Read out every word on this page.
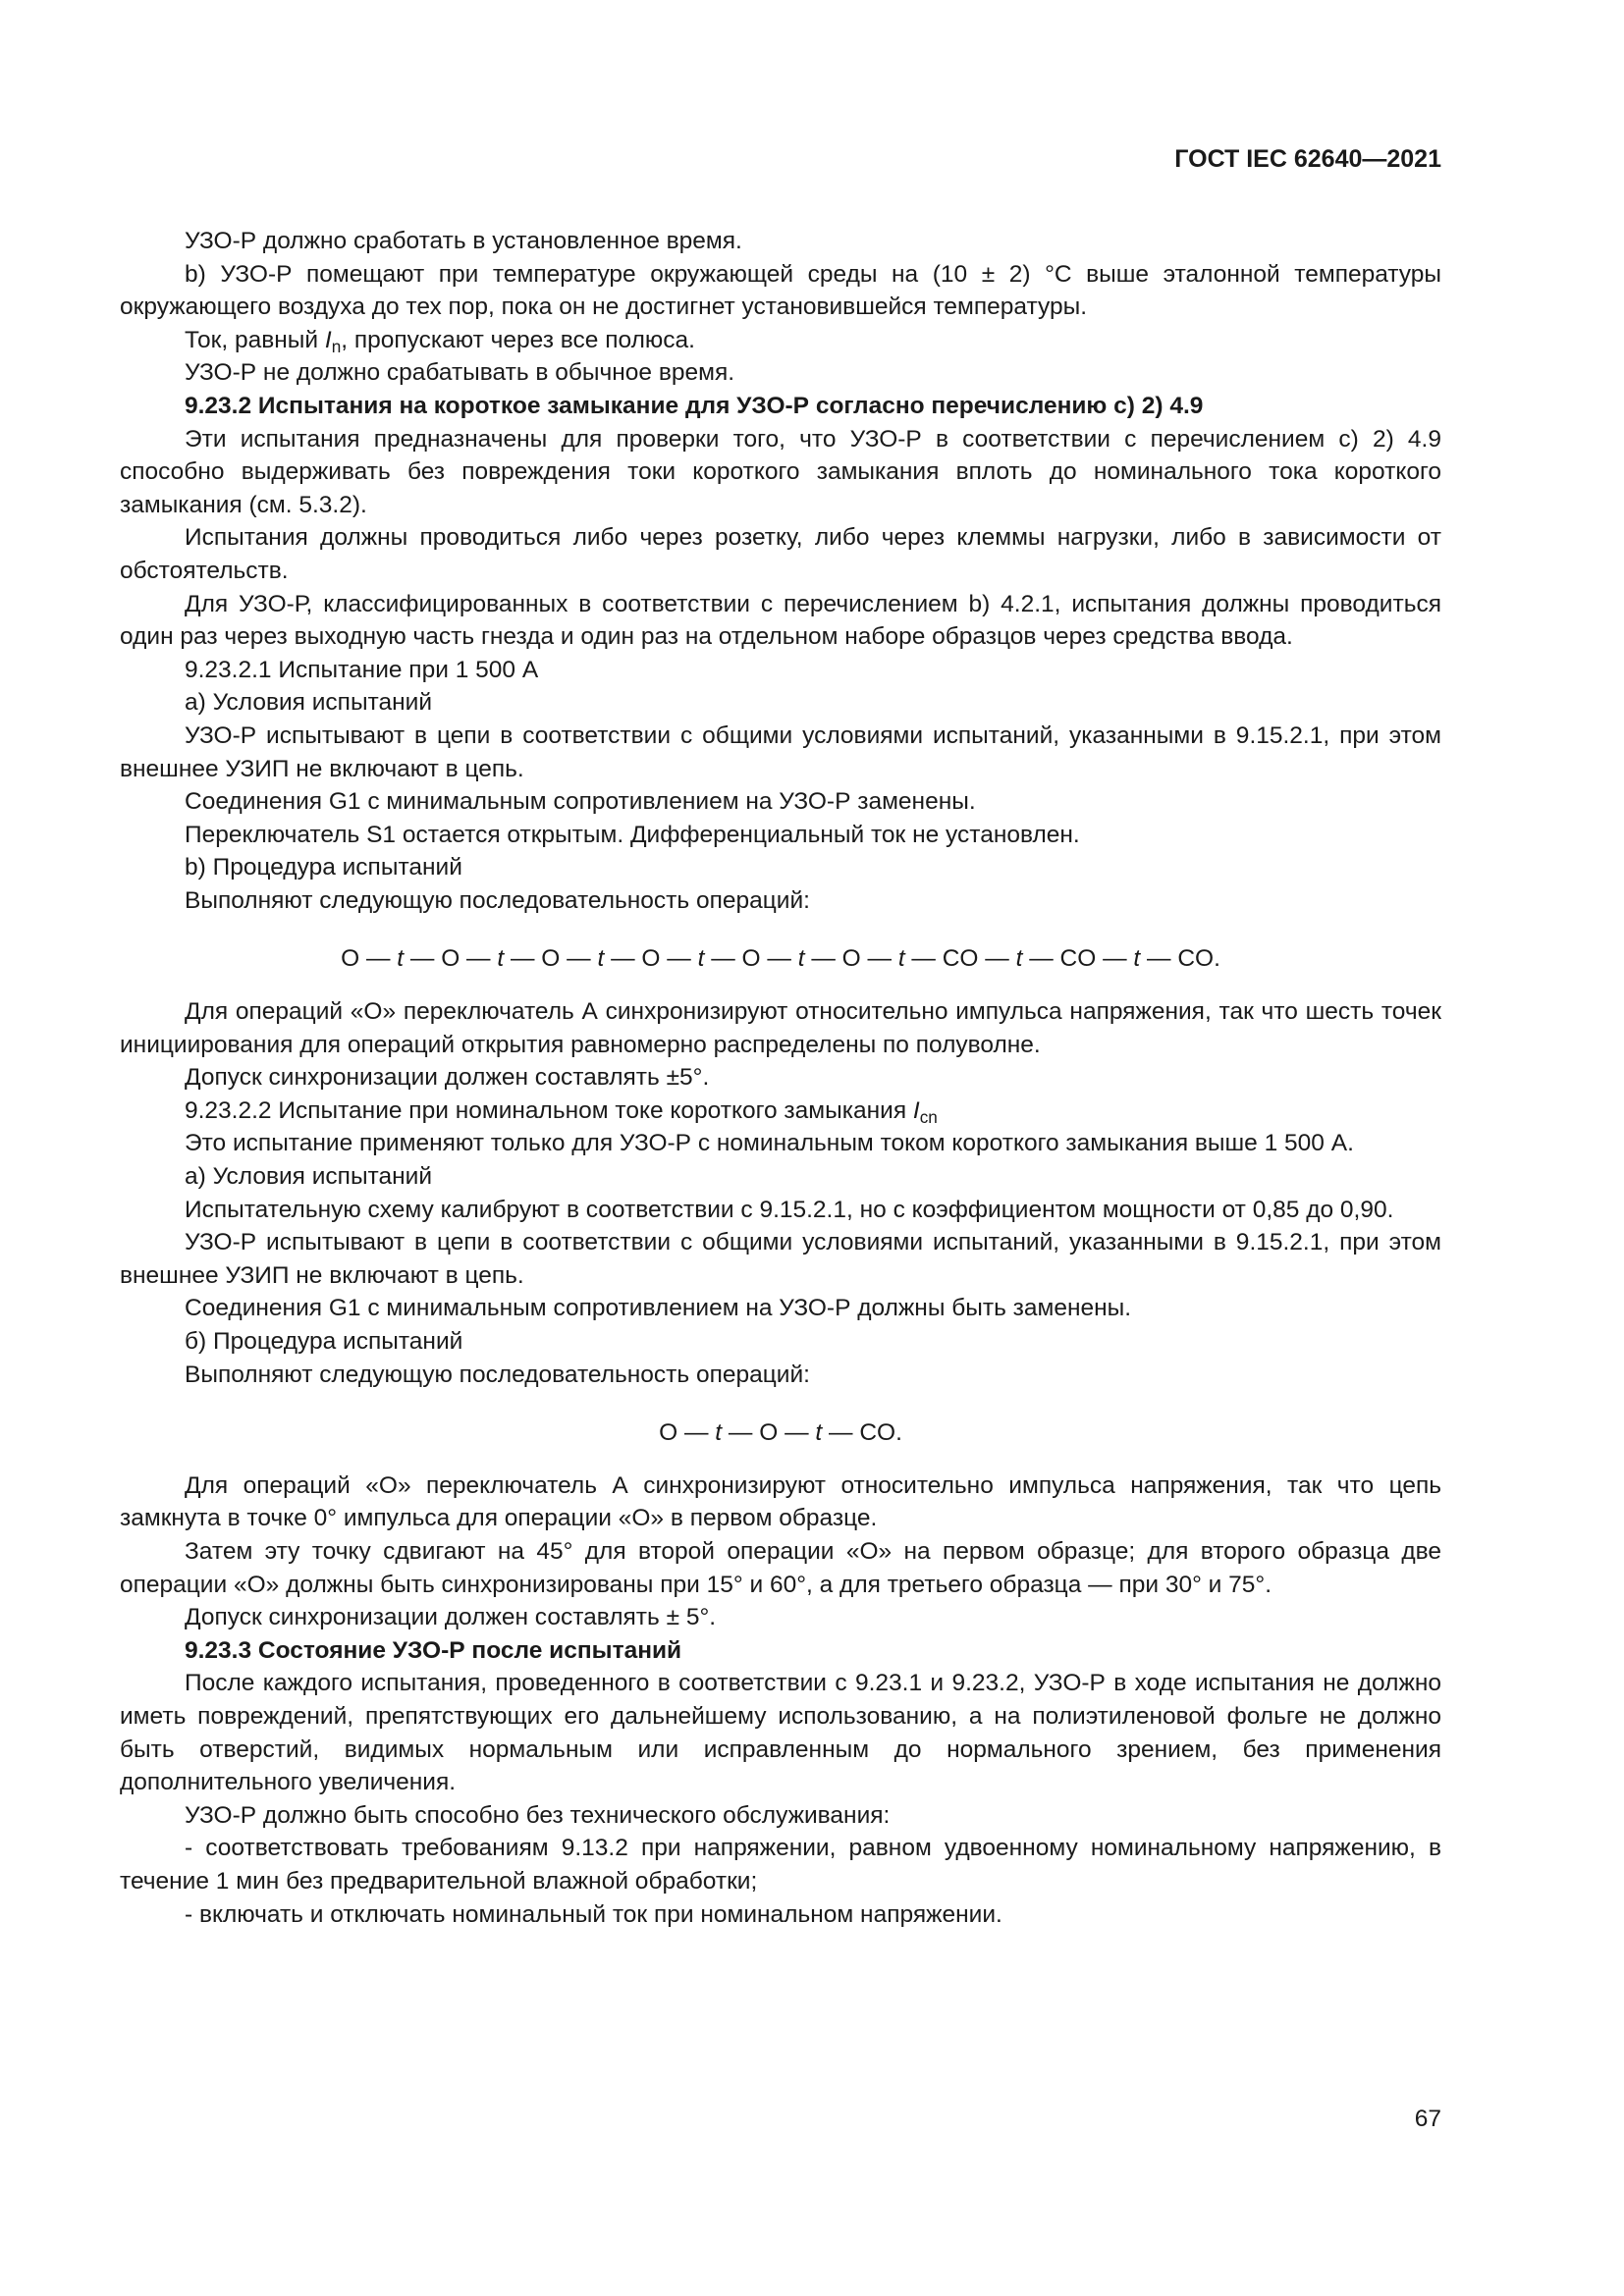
ГОСТ IEC 62640—2021

УЗО-Р должно сработать в установленное время.

b) УЗО-Р помещают при температуре окружающей среды на (10 ± 2) °С выше эталонной температуры окружающего воздуха до тех пор, пока он не достигнет установившейся температуры.

Ток, равный $I_n$, пропускают через все полюса.

УЗО-Р не должно срабатывать в обычное время.

9.23.2 Испытания на короткое замыкание для УЗО-Р согласно перечислению с) 2) 4.9

Эти испытания предназначены для проверки того, что УЗО-Р в соответствии с перечислением с) 2) 4.9 способно выдерживать без повреждения токи короткого замыкания вплоть до номинального тока короткого замыкания (см. 5.3.2).

Испытания должны проводиться либо через розетку, либо через клеммы нагрузки, либо в зависимости от обстоятельств.

Для УЗО-Р, классифицированных в соответствии с перечислением b) 4.2.1, испытания должны проводиться один раз через выходную часть гнезда и один раз на отдельном наборе образцов через средства ввода.

9.23.2.1 Испытание при 1 500 А

а) Условия испытаний

УЗО-Р испытывают в цепи в соответствии с общими условиями испытаний, указанными в 9.15.2.1, при этом внешнее УЗИП не включают в цепь.

Соединения G1 с минимальным сопротивлением на УЗО-Р заменены.

Переключатель S1 остается открытым. Дифференциальный ток не установлен.

b) Процедура испытаний

Выполняют следующую последовательность операций:

O — t — O — t — O — t — O — t — O — t — O — t — CO — t — CO — t — CO.

Для операций «О» переключатель А синхронизируют относительно импульса напряжения, так что шесть точек инициирования для операций открытия равномерно распределены по полуволне.

Допуск синхронизации должен составлять ±5°.

9.23.2.2 Испытание при номинальном токе короткого замыкания $I_{cn}$

Это испытание применяют только для УЗО-Р с номинальным током короткого замыкания выше 1 500 А.

а) Условия испытаний

Испытательную схему калибруют в соответствии с 9.15.2.1, но с коэффициентом мощности от 0,85 до 0,90.

УЗО-Р испытывают в цепи в соответствии с общими условиями испытаний, указанными в 9.15.2.1, при этом внешнее УЗИП не включают в цепь.

Соединения G1 с минимальным сопротивлением на УЗО-Р должны быть заменены.

б) Процедура испытаний

Выполняют следующую последовательность операций:

O — t — O — t — CO.

Для операций «О» переключатель А синхронизируют относительно импульса напряжения, так что цепь замкнута в точке 0° импульса для операции «О» в первом образце.

Затем эту точку сдвигают на 45° для второй операции «О» на первом образце; для второго образца две операции «О» должны быть синхронизированы при 15° и 60°, а для третьего образца — при 30° и 75°.

Допуск синхронизации должен составлять ± 5°.

9.23.3 Состояние УЗО-Р после испытаний

После каждого испытания, проведенного в соответствии с 9.23.1 и 9.23.2, УЗО-Р в ходе испытания не должно иметь повреждений, препятствующих его дальнейшему использованию, а на полиэтиленовой фольге не должно быть отверстий, видимых нормальным или исправленным до нормального зрением, без применения дополнительного увеличения.

УЗО-Р должно быть способно без технического обслуживания:

- соответствовать требованиям 9.13.2 при напряжении, равном удвоенному номинальному напряжению, в течение 1 мин без предварительной влажной обработки;

- включать и отключать номинальный ток при номинальном напряжении.

67
